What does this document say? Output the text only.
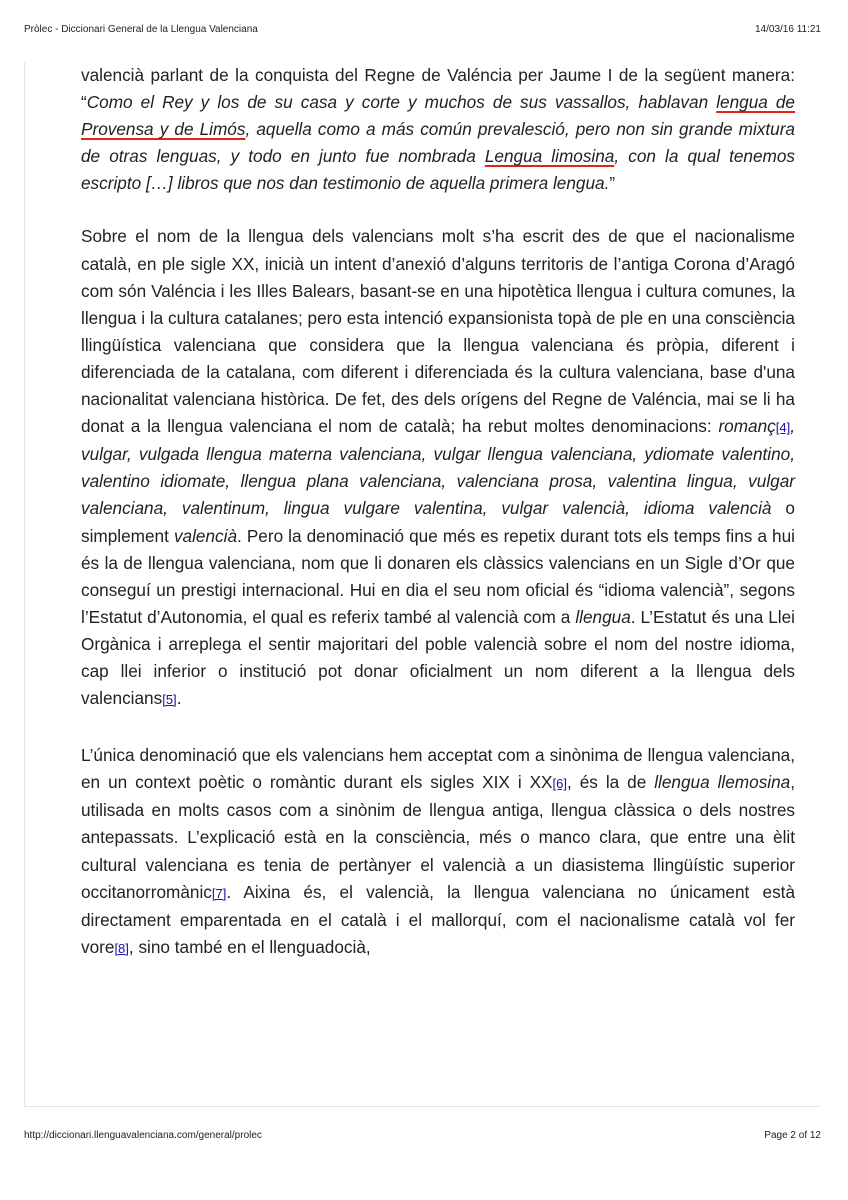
Pròlec - Diccionari General de la Llengua Valenciana	14/03/16 11:21

valencià parlant de la conquista del Regne de Valéncia per Jaume I de la següent manera: “Como el Rey y los de su casa y corte y muchos de sus vassallos, hablavan lengua de Provensa y de Limós, aquella como a más común prevalesció, pero non sin grande mixtura de otras lenguas, y todo en junto fue nombrada Lengua limosina, con la qual tenemos escripto […] libros que nos dan testimonio de aquella primera lengua.”

Sobre el nom de la llengua dels valencians molt s’ha escrit des de que el nacionalisme català, en ple sigle XX, inicià un intent d’anexió d’alguns territoris de l’antiga Corona d’Aragó com són Valéncia i les Illes Balears, basant-se en una hipotètica llengua i cultura comunes, la llengua i la cultura catalanes; pero esta intenció expansionista topà de ple en una consciència llingüística valenciana que considera que la llengua valenciana és pròpia, diferent i diferenciada de la catalana, com diferent i diferenciada és la cultura valenciana, base d'una nacionalitat valenciana històrica. De fet, des dels orígens del Regne de Valéncia, mai se li ha donat a la llengua valenciana el nom de català; ha rebut moltes denominacions: romanç[4], vulgar, vulgada llengua materna valenciana, vulgar llengua valenciana, ydiomate valentino, valentino idiomate, llengua plana valenciana, valenciana prosa, valentina lingua, vulgar valenciana, valentinum, lingua vulgare valentina, vulgar valencià, idioma valencià o simplement valencià. Pero la denominació que més es repetix durant tots els temps fins a hui és la de llengua valenciana, nom que li donaren els clàssics valencians en un Sigle d’Or que conseguí un prestigi internacional. Hui en dia el seu nom oficial és “idioma valencià”, segons l’Estatut d’Autonomia, el qual es referix també al valencià com a llengua. L’Estatut és una Llei Orgànica i arreplega el sentir majoritari del poble valencià sobre el nom del nostre idioma, cap llei inferior o institució pot donar oficialment un nom diferent a la llengua dels valencians[5].

L’única denominació que els valencians hem acceptat com a sinònima de llengua valenciana, en un context poètic o romàntic durant els sigles XIX i XX[6], és la de llengua llemosina, utilisada en molts casos com a sinònim de llengua antiga, llengua clàssica o dels nostres antepassats. L’explicació està en la consciència, més o manco clara, que entre una èlit cultural valenciana es tenia de pertànyer el valencià a un diasistema llingüístic superior occitanorromànic[7]. Aixina és, el valencià, la llengua valenciana no únicament està directament emparentada en el català i el mallorquí, com el nacionalisme català vol fer vore[8], sino també en el llenguadocià,

http://diccionari.llenguavalenciana.com/general/prolec	Page 2 of 12
